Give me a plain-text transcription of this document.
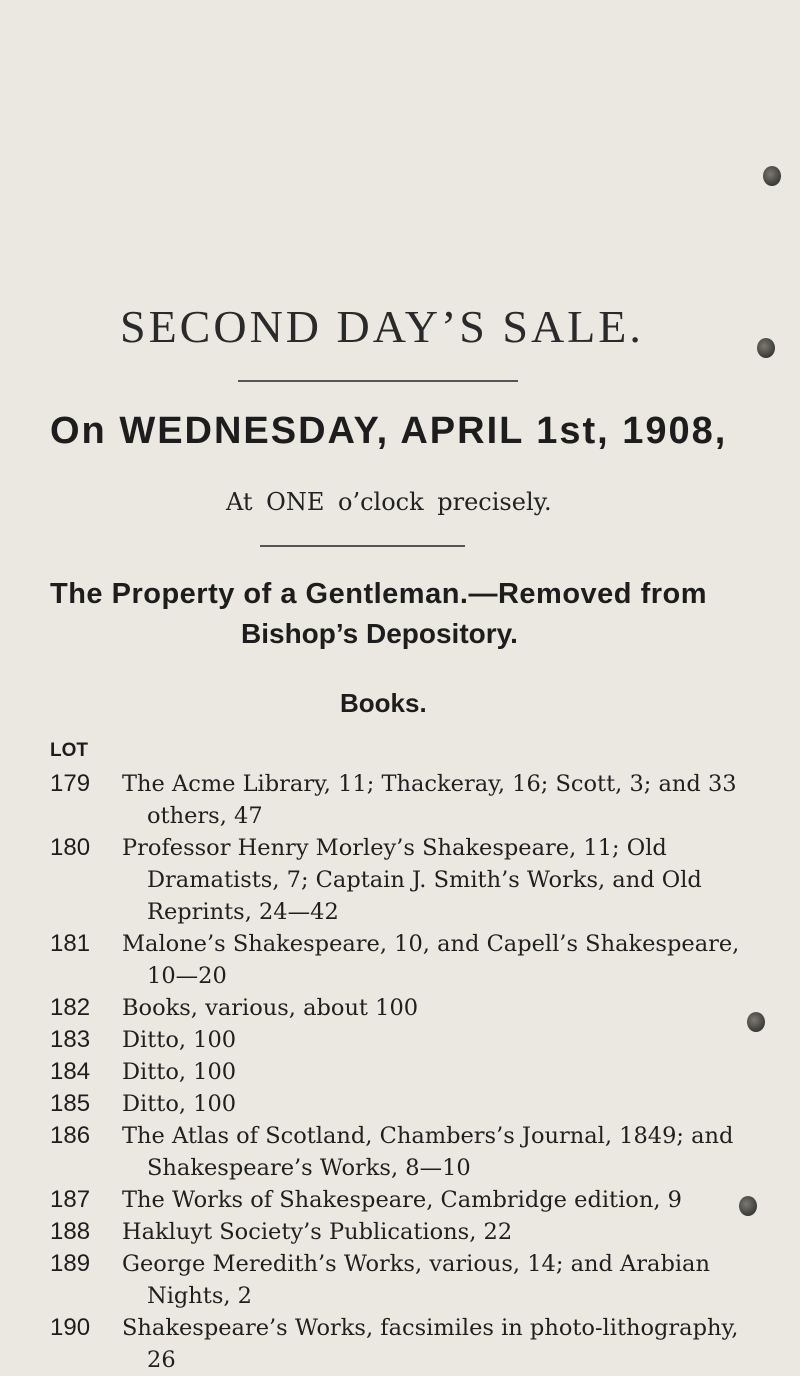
SECOND DAY’S SALE.
On WEDNESDAY, APRIL 1st, 1908,
At ONE o’clock precisely.
The Property of a Gentleman.—Removed from
Bishop’s Depository.
Books.
LOT
179	The Acme Library, 11; Thackeray, 16; Scott, 3; and 33 others, 47
180	Professor Henry Morley’s Shakespeare, 11; Old Dramatists, 7; Captain J. Smith’s Works, and Old Reprints, 24—42
181	Malone’s Shakespeare, 10, and Capell’s Shakespeare, 10—20
182	Books, various, about 100
183	Ditto, 100
184	Ditto, 100
185	Ditto, 100
186	The Atlas of Scotland, Chambers’s Journal, 1849; and Shakespeare’s Works, 8—10
187	The Works of Shakespeare, Cambridge edition, 9
188	Hakluyt Society’s Publications, 22
189	George Meredith’s Works, various, 14; and Arabian Nights, 2
190	Shakespeare’s Works, facsimiles in photo-lithography, 26
